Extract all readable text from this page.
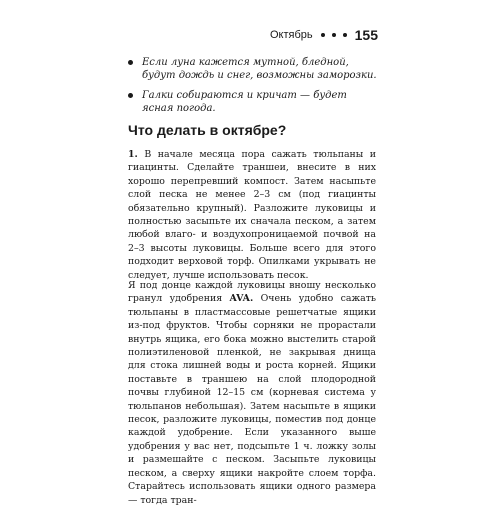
Октябрь	155
Если луна кажется мутной, бледной, будут дождь и снег, возможны заморозки.
Галки собираются и кричат — будет ясная погода.
Что делать в октябре?

1. В начале месяца пора сажать тюльпаны и гиацинты. Сделайте траншеи, внесите в них хорошо перепревший компост. Затем насыпьте слой песка не менее 2–3 см (под гиацинты обязательно крупный). Разложите луковицы и полностью засыпьте их сначала песком, а затем любой влаго- и воздухопроницаемой почвой на 2–3 высоты луковицы. Больше всего для этого подходит верховой торф. Опилками укрывать не следует, лучше использовать песок.

Я под донце каждой луковицы вношу несколько гранул удобрения AVA. Очень удобно сажать тюльпаны в пластмассовые решетчатые ящики из-под фруктов. Чтобы сорняки не прорастали внутрь ящика, его бока можно выстелить старой полиэтиленовой пленкой, не закрывая днища для стока лишней воды и роста корней. Ящики поставьте в траншею на слой плодородной почвы глубиной 12–15 см (корневая система у тюльпанов небольшая). Затем насыпьте в ящики песок, разложите луковицы, поместив под донце каждой удобрение. Если указанного выше удобрения у вас нет, подсыпьте 1 ч. ложку золы и размешайте с песком. Засыпьте луковицы песком, а сверху ящики накройте слоем торфа. Старайтесь использовать ящики одного размера — тогда тран-
